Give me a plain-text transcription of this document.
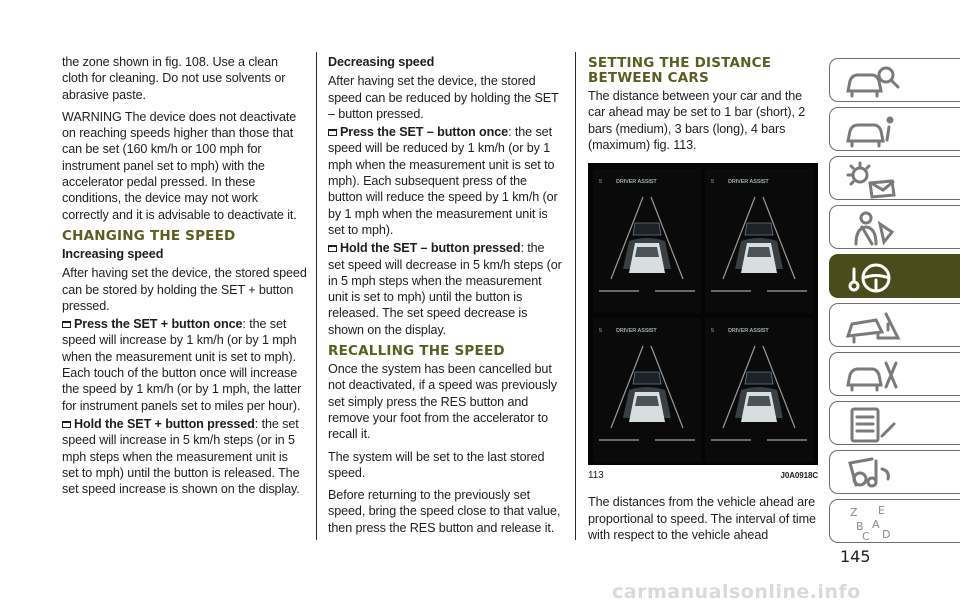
the zone shown in fig. 108. Use a clean cloth for cleaning. Do not use solvents or abrasive paste.

WARNING The device does not deactivate on reaching speeds higher than those that can be set (160 km/h or 100 mph for instrument panel set to mph) with the accelerator pedal pressed. In these conditions, the device may not work correctly and it is advisable to deactivate it.

CHANGING THE SPEED
Increasing speed

After having set the device, the stored speed can be stored by holding the SET + button pressed.

Press the SET + button once: the set speed will increase by 1 km/h (or by 1 mph when the measurement unit is set to mph). Each touch of the button once will increase the speed by 1 km/h (or by 1 mph, the latter for instrument panels set to miles per hour).

Hold the SET + button pressed: the set speed will increase in 5 km/h steps (or in 5 mph steps when the measurement unit is set to mph) until the button is released. The set speed increase is shown on the display.

Decreasing speed

After having set the device, the stored speed can be reduced by holding the SET – button pressed.

Press the SET – button once: the set speed will be reduced by 1 km/h (or by 1 mph when the measurement unit is set to mph). Each subsequent press of the button will reduce the speed by 1 km/h (or by 1 mph when the measurement unit is set to mph).

Hold the SET – button pressed: the set speed will decrease in 5 km/h steps (or in 5 mph steps when the measurement unit is set to mph) until the button is released. The set speed decrease is shown on the display.

RECALLING THE SPEED

Once the system has been cancelled but not deactivated, if a speed was previously set simply press the RES button and remove your foot from the accelerator to recall it.

The system will be set to the last stored speed.

Before returning to the previously set speed, bring the speed close to that value, then press the RES button and release it.

SETTING THE DISTANCE BETWEEN CARS

The distance between your car and the car ahead may be set to 1 bar (short), 2 bars (medium), 3 bars (long), 4 bars (maximum) fig. 113.

5	DRIVER ASSIST	5	DRIVER ASSIST
5	DRIVER ASSIST	5	DRIVER ASSIST
113	J0A0918C

The distances from the vehicle ahead are proportional to speed. The interval of time with respect to the vehicle ahead

Z E
B A
C D
145
carmanualsonline.info
